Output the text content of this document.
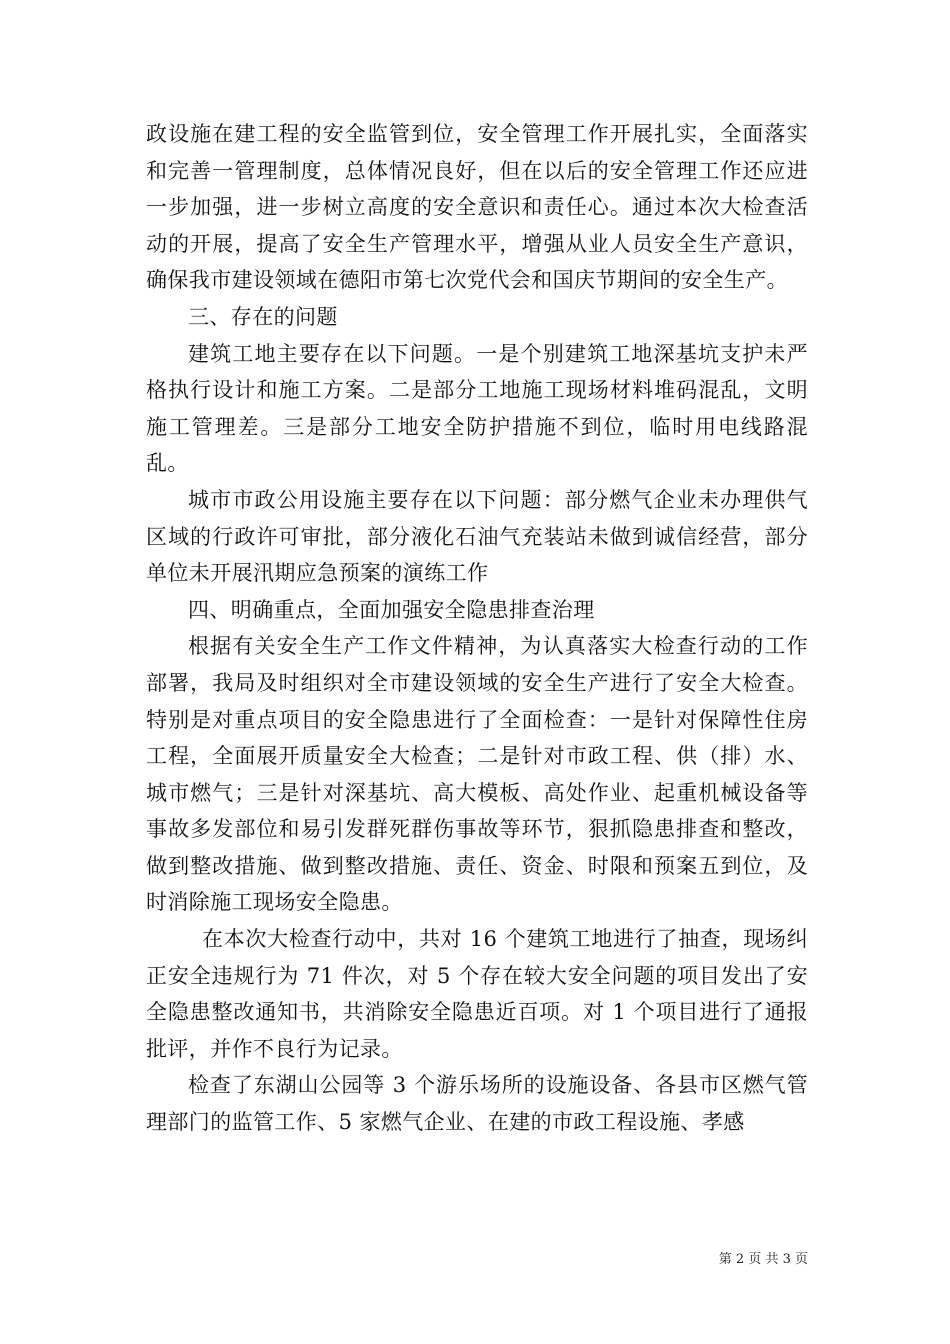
政设施在建工程的安全监管到位，安全管理工作开展扎实，全面落实和完善一管理制度，总体情况良好，但在以后的安全管理工作还应进一步加强，进一步树立高度的安全意识和责任心。通过本次大检查活动的开展，提高了安全生产管理水平，增强从业人员安全生产意识，确保我市建设领域在德阳市第七次党代会和国庆节期间的安全生产。

三、存在的问题

建筑工地主要存在以下问题。一是个别建筑工地深基坑支护未严格执行设计和施工方案。二是部分工地施工现场材料堆码混乱，文明施工管理差。三是部分工地安全防护措施不到位，临时用电线路混乱。

城市市政公用设施主要存在以下问题：部分燃气企业未办理供气区域的行政许可审批，部分液化石油气充装站未做到诚信经营，部分单位未开展汛期应急预案的演练工作

四、明确重点，全面加强安全隐患排查治理

根据有关安全生产工作文件精神，为认真落实大检查行动的工作部署，我局及时组织对全市建设领域的安全生产进行了安全大检查。特别是对重点项目的安全隐患进行了全面检查：一是针对保障性住房工程，全面展开质量安全大检查；二是针对市政工程、供（排）水、城市燃气；三是针对深基坑、高大模板、高处作业、起重机械设备等事故多发部位和易引发群死群伤事故等环节，狠抓隐患排查和整改，做到整改措施、做到整改措施、责任、资金、时限和预案五到位，及时消除施工现场安全隐患。

在本次大检查行动中，共对 16 个建筑工地进行了抽查，现场纠正安全违规行为 71 件次，对 5 个存在较大安全问题的项目发出了安全隐患整改通知书，共消除安全隐患近百项。对 1 个项目进行了通报批评，并作不良行为记录。

检查了东湖山公园等 3 个游乐场所的设施设备、各县市区燃气管理部门的监管工作、5 家燃气企业、在建的市政工程设施、孝感

第 2 页 共 3 页
